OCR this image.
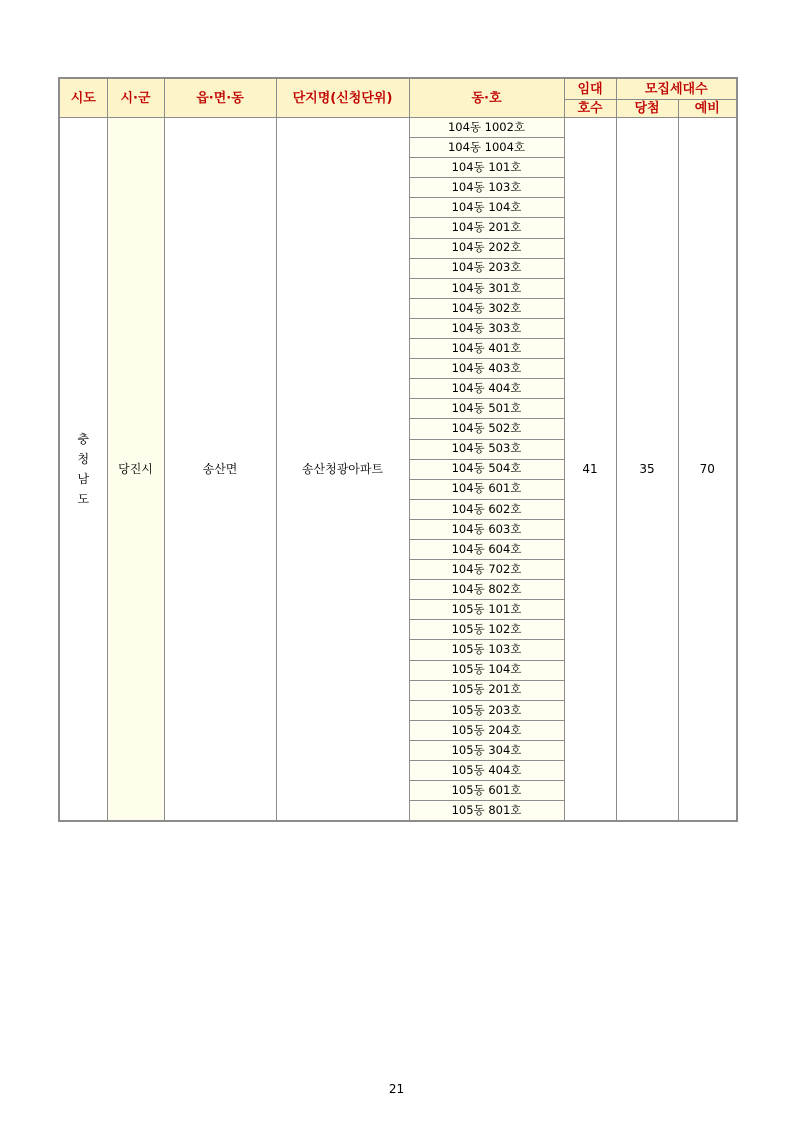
시도	시·군	읍·면·동	단지명(신청단위)	동·호	임대	모집세대수	
					호수	당첨	예비

충
청
남
도	당진시	송산면	송산청광아파트	104동 1002호	41	35	70
				104동 1004호			
				104동 101호			
				104동 103호			
				104동 104호			
				104동 201호			
				104동 202호			
				104동 203호			
				104동 301호			
				104동 302호			
				104동 303호			
				104동 401호			
				104동 403호			
				104동 404호			
				104동 501호			
				104동 502호			
				104동 503호			
				104동 504호			
				104동 601호			
				104동 602호			
				104동 603호			
				104동 604호			
				104동 702호			
				104동 802호			
				105동 101호			
				105동 102호			
				105동 103호			
				105동 104호			
				105동 201호			
				105동 203호			
				105동 204호			
				105동 304호			
				105동 404호			
				105동 601호			
				105동 801호			
21
